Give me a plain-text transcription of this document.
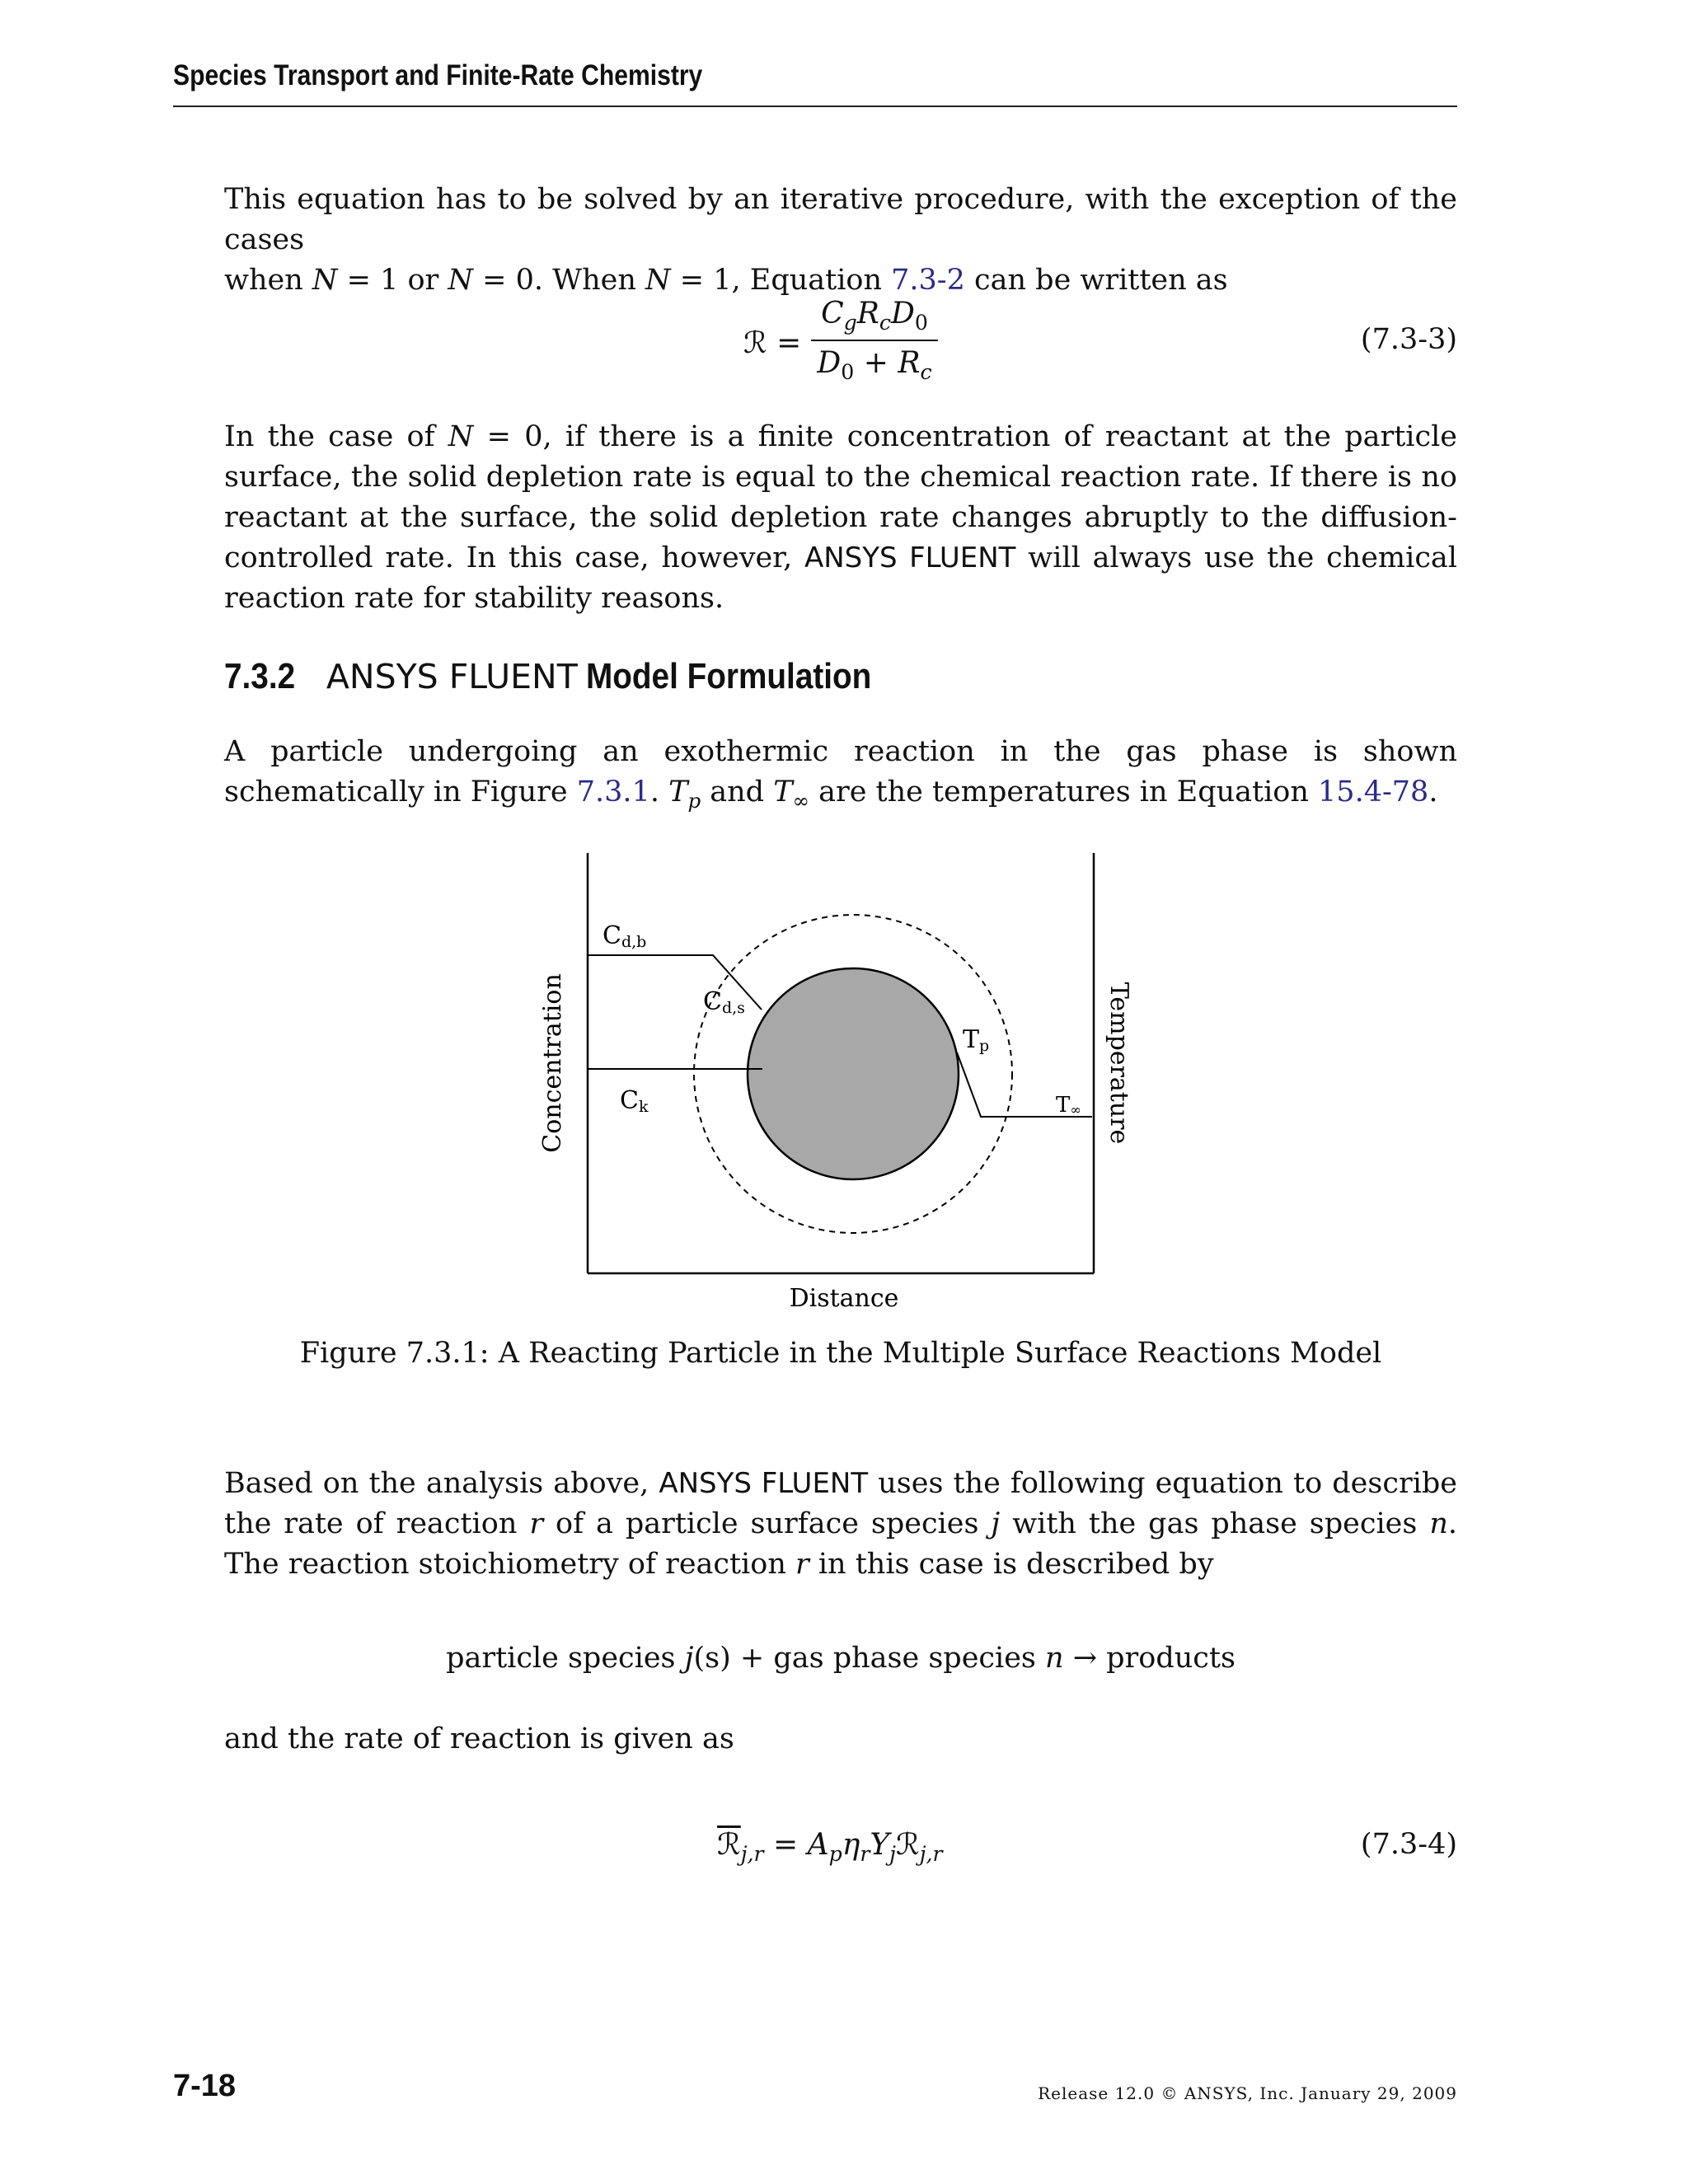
Species Transport and Finite-Rate Chemistry

This equation has to be solved by an iterative procedure, with the exception of the cases
when N = 1 or N = 0. When N = 1, Equation 7.3-2 can be written as

ℛ =
$C_gR_cD_0$
$D_0 + R_c$
(7.3-3)

In the case of N = 0, if there is a finite concentration of reactant at the particle surface, the solid depletion rate is equal to the chemical reaction rate. If there is no reactant at the surface, the solid depletion rate changes abruptly to the diffusion-controlled rate. In this case, however, ANSYS FLUENT will always use the chemical reaction rate for stability reasons.

7.3.2 ANSYS FLUENT Model Formulation

A particle undergoing an exothermic reaction in the gas phase is shown schematically in Figure 7.3.1. $T_p$ and $T_\infty$ are the temperatures in Equation 15.4-78.

Cd,b
Cd,s
Ck
Tp
T∞
Concentration	Temperature
Distance
Figure 7.3.1: A Reacting Particle in the Multiple Surface Reactions Model

Based on the analysis above, ANSYS FLUENT uses the following equation to describe the rate of reaction r of a particle surface species j with the gas phase species n. The reaction stoichiometry of reaction r in this case is described by

particle species j(s) + gas phase species n → products

and the rate of reaction is given as

ℛ$_{j,r}$ = $A_p\eta_rY_jℛ_{j,r}$	(7.3-4)
7-18	Release 12.0 © ANSYS, Inc. January 29, 2009
